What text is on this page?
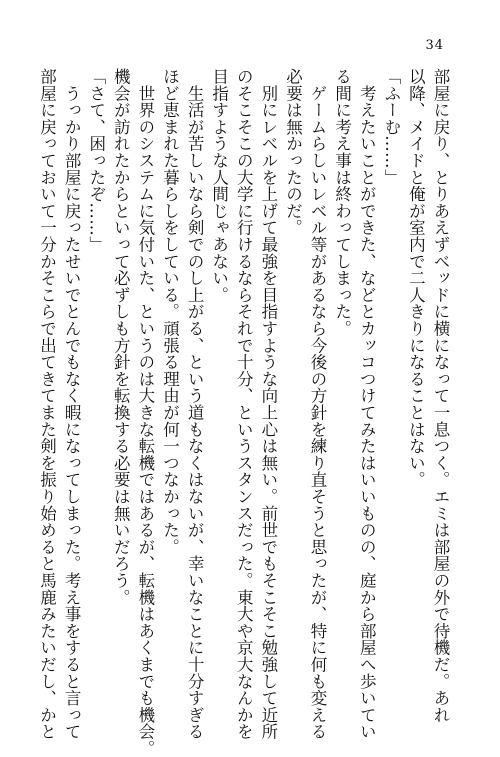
34
部屋に戻り、とりあえずベッドに横になって一息つく。エミは部屋の外で待機だ。あれ
以降、メイドと俺が室内で二人きりになることはない。
「ふーむ……」
　考えたいことができた、などとカッコつけてみたはいいものの、庭から部屋へ歩いてい
る間に考え事は終わってしまった。
　ゲームらしいレベル等があるなら今後の方針を練り直そうと思ったが、特に何も変える
必要は無かったのだ。
　別にレベルを上げて最強を目指すような向上心は無い。前世でもそこそこ勉強して近所
のそこそこの大学に行けるならそれで十分、というスタンスだった。東大や京大なんかを
目指すような人間じゃあない。
　生活が苦しいなら剣でのし上がる、という道もなくはないが、幸いなことに十分すぎる
ほど恵まれた暮らしをしている。頑張る理由が何一つなかった。
　世界のシステムに気付いた、というのは大きな転機ではあるが、転機はあくまでも機会。
機会が訪れたからといって必ずしも方針を転換する必要は無いだろう。
「さて、困ったぞ……」
　うっかり部屋に戻ったせいでとんでもなく暇になってしまった。考え事をすると言って
部屋に戻っておいて一分かそこらで出てきてまた剣を振り始めると馬鹿みたいだし、かと
